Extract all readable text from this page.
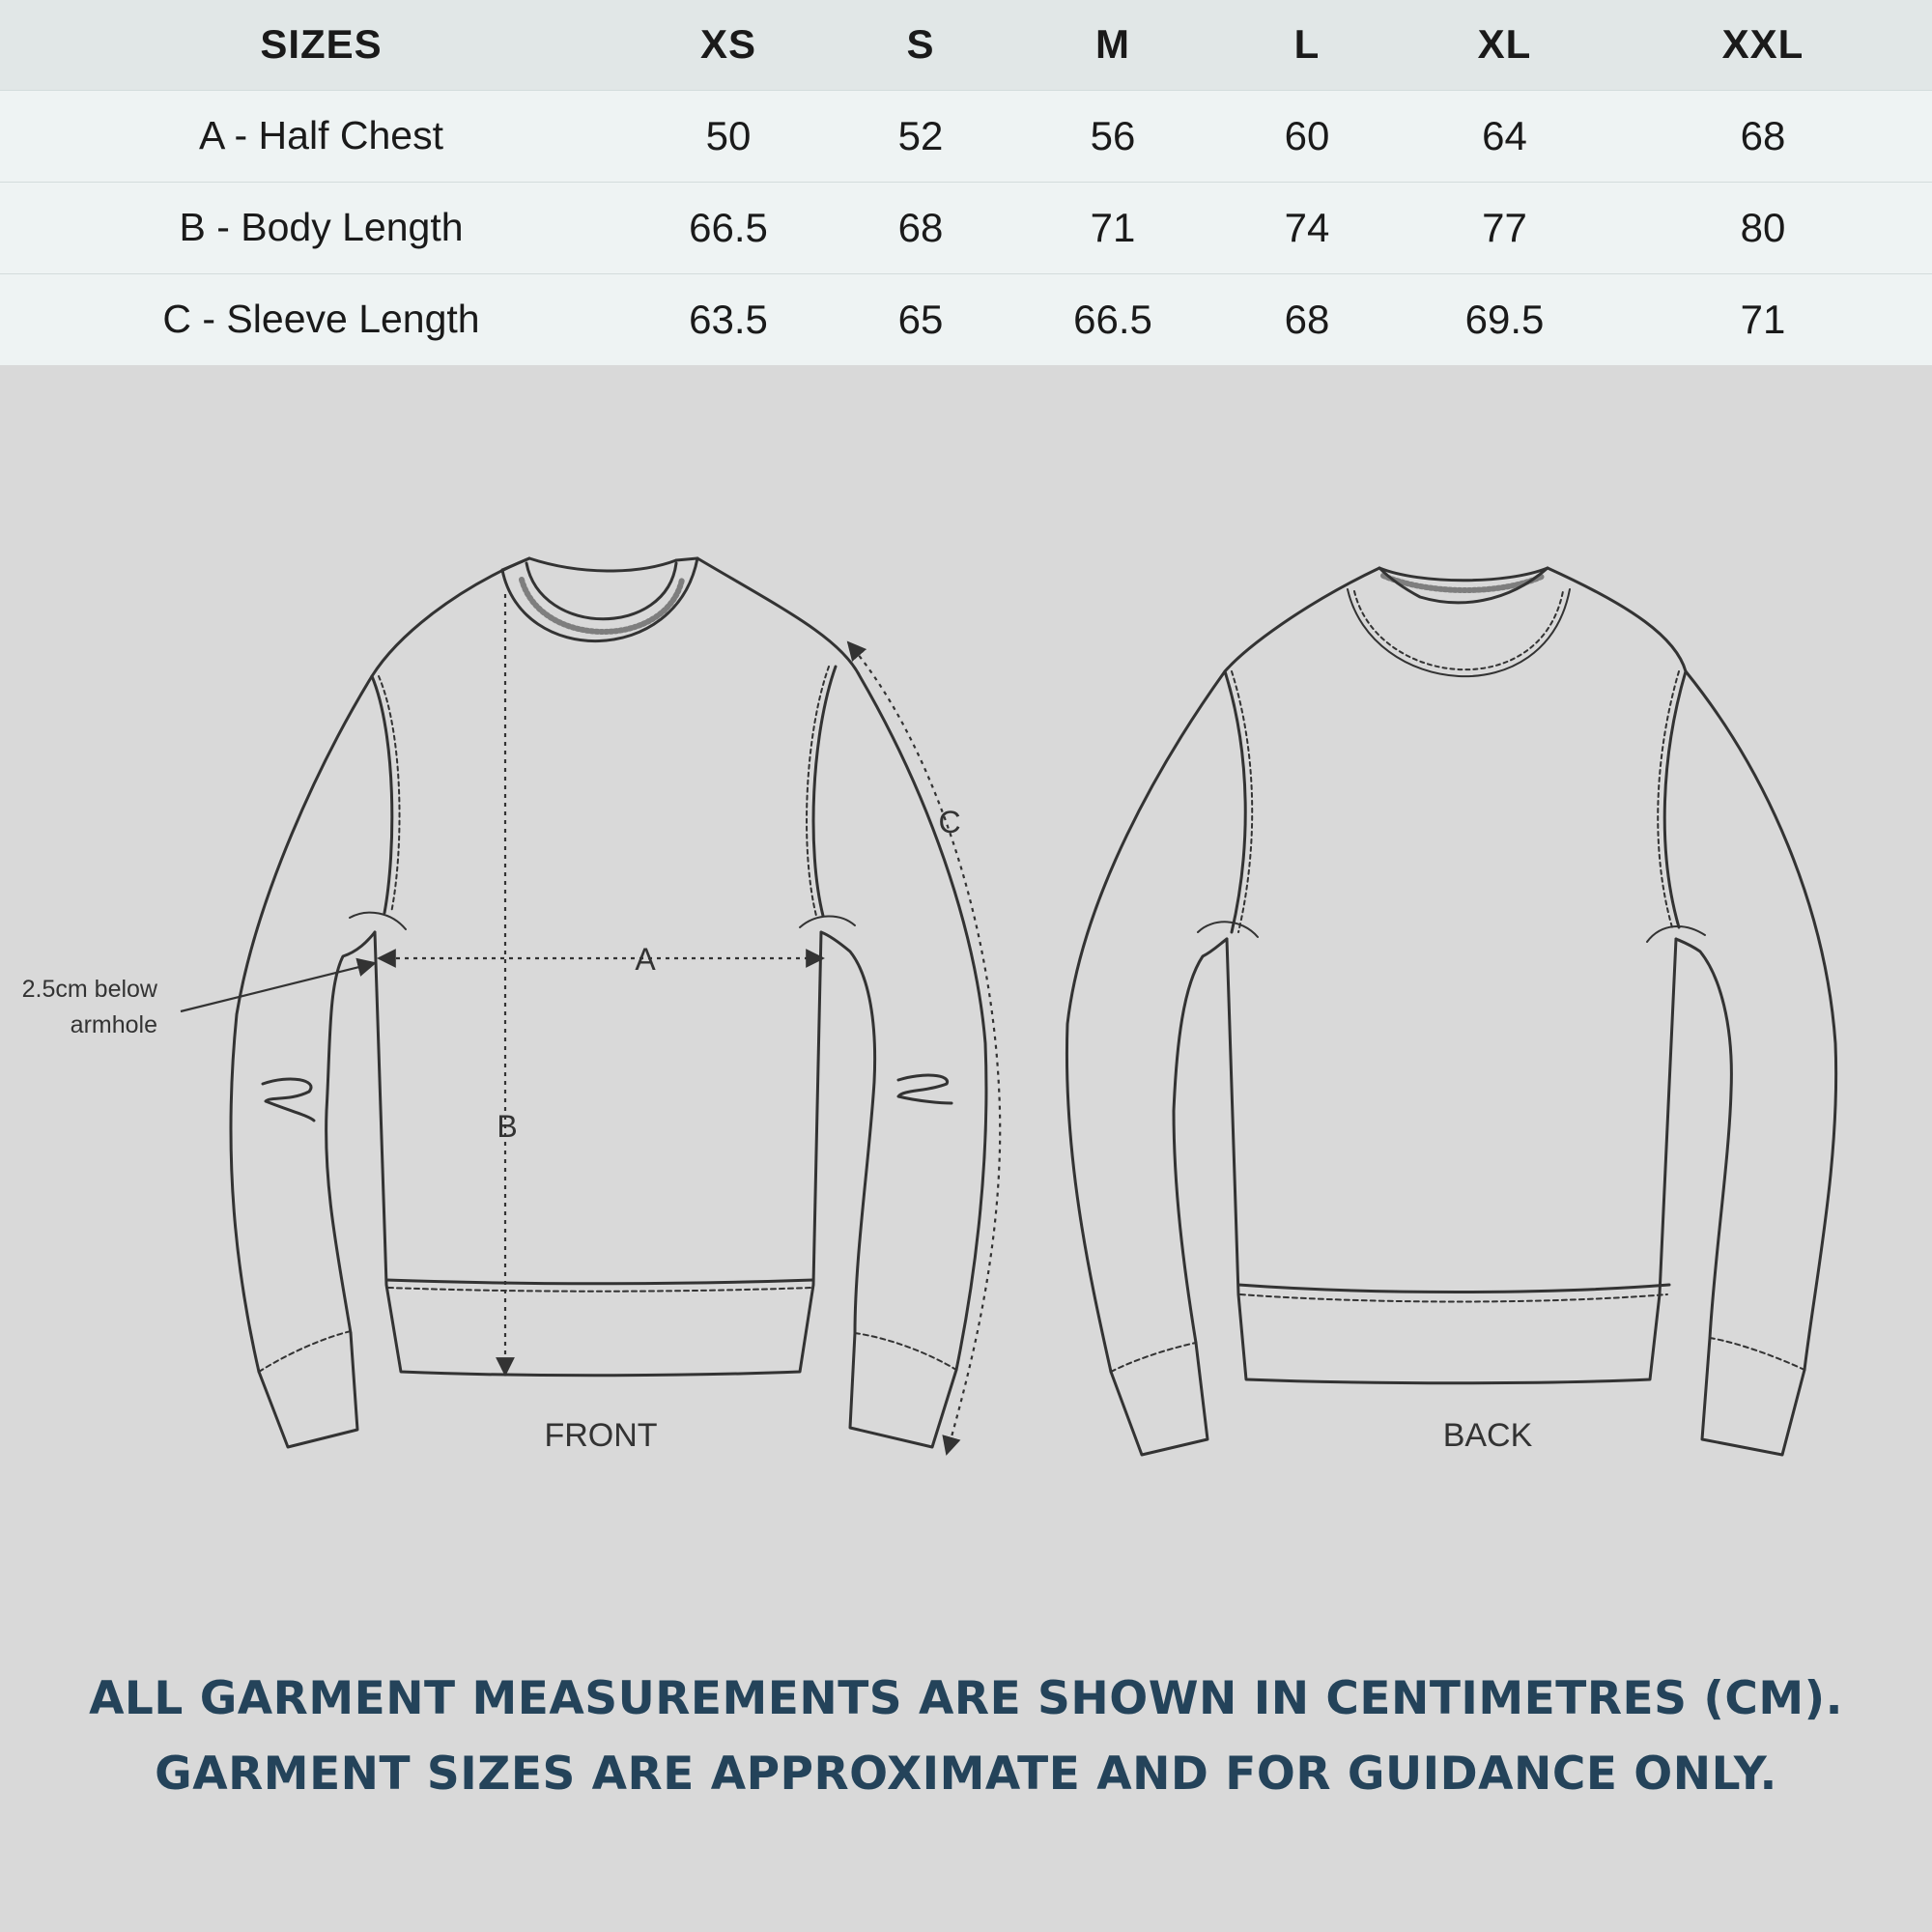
SIZES	XS	S	M	L	XL	XXL
A - Half Chest	50	52	56	60	64	68
B - Body Length	66.5	68	71	74	77	80
C - Sleeve Length	63.5	65	66.5	68	69.5	71
A
B
C
2.5cm below
armhole
FRONT	BACK
ALL GARMENT MEASUREMENTS ARE SHOWN IN CENTIMETRES (CM).
GARMENT SIZES ARE APPROXIMATE AND FOR GUIDANCE ONLY.
